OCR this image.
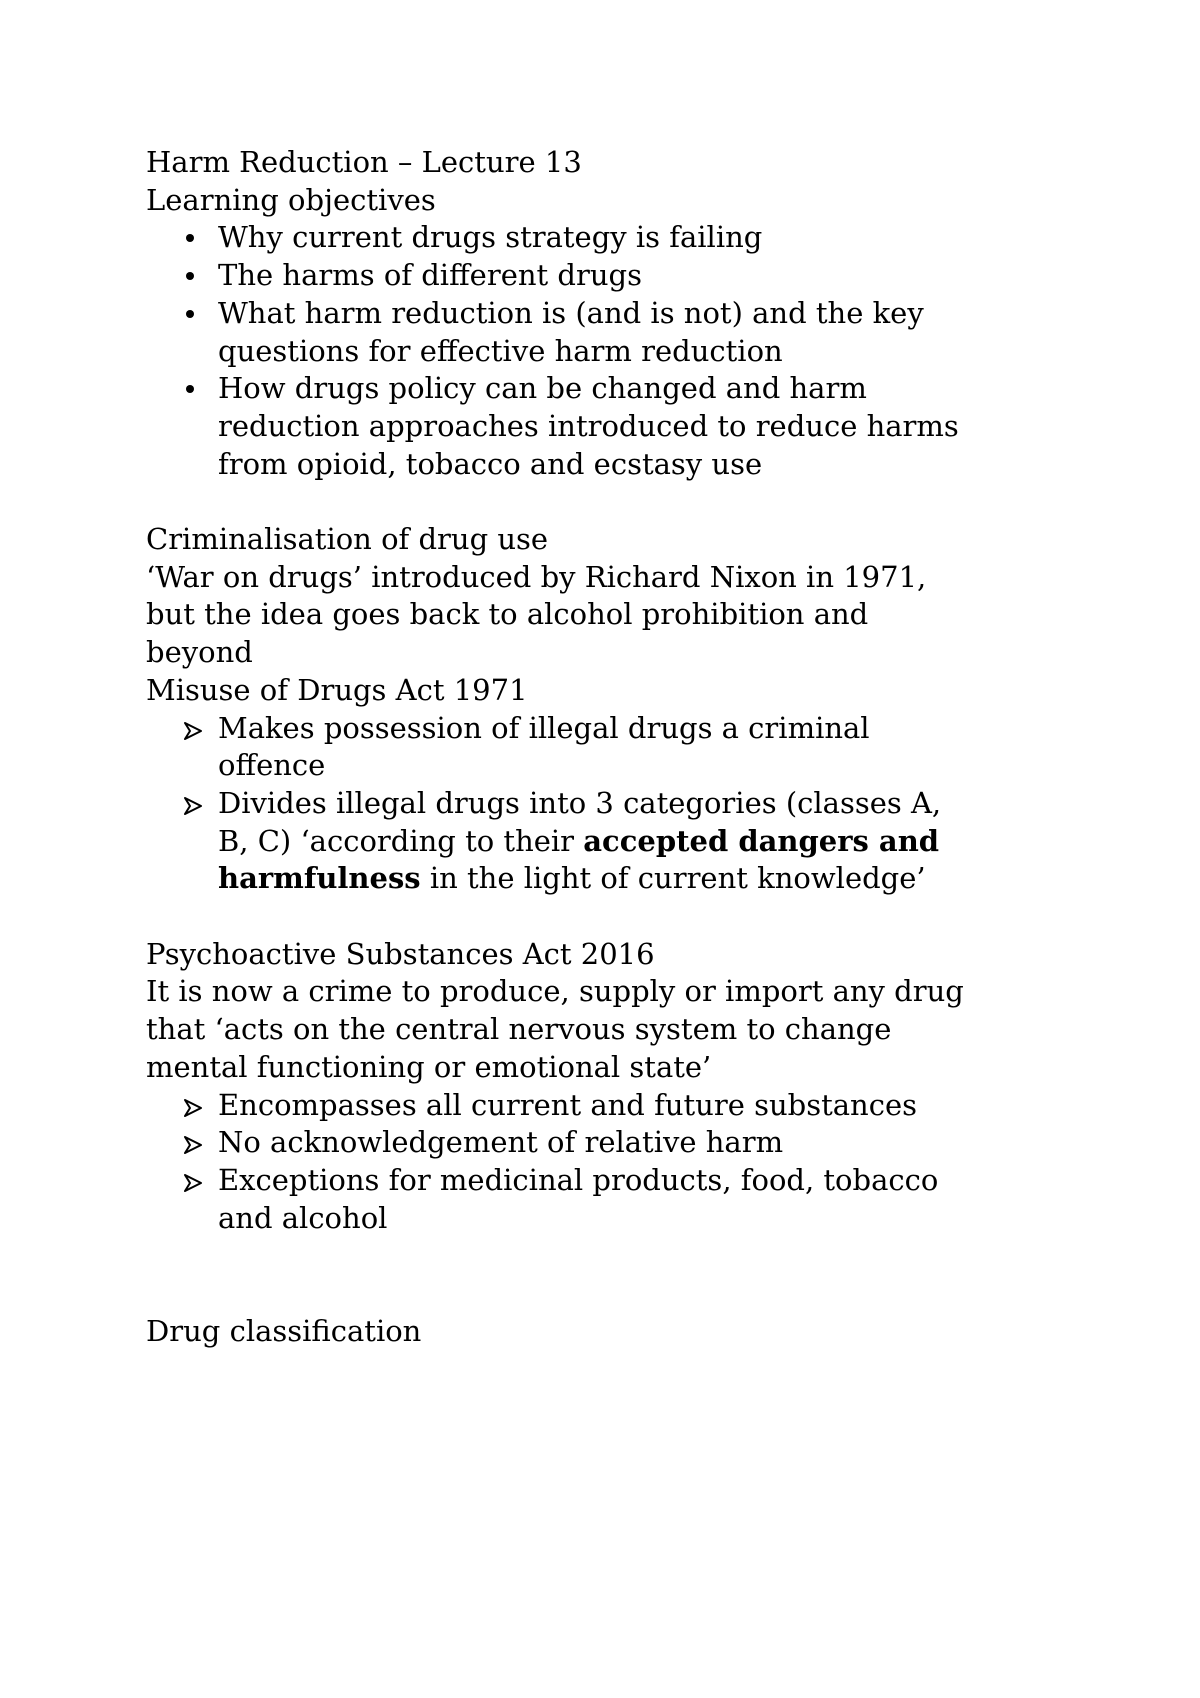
Harm Reduction – Lecture 13

Learning objectives

Why current drugs strategy is failing
The harms of different drugs
What harm reduction is (and is not) and the key
questions for effective harm reduction
How drugs policy can be changed and harm
reduction approaches introduced to reduce harms
from opioid, tobacco and ecstasy use

Criminalisation of drug use

‘War on drugs’ introduced by Richard Nixon in 1971,

but the idea goes back to alcohol prohibition and

beyond

Misuse of Drugs Act 1971

Makes possession of illegal drugs a criminal
offence
Divides illegal drugs into 3 categories (classes A,
B, C) ‘according to their accepted dangers and
harmfulness in the light of current knowledge’

Psychoactive Substances Act 2016

It is now a crime to produce, supply or import any drug

that ‘acts on the central nervous system to change

mental functioning or emotional state’

Encompasses all current and future substances
No acknowledgement of relative harm
Exceptions for medicinal products, food, tobacco
and alcohol

Drug classification
